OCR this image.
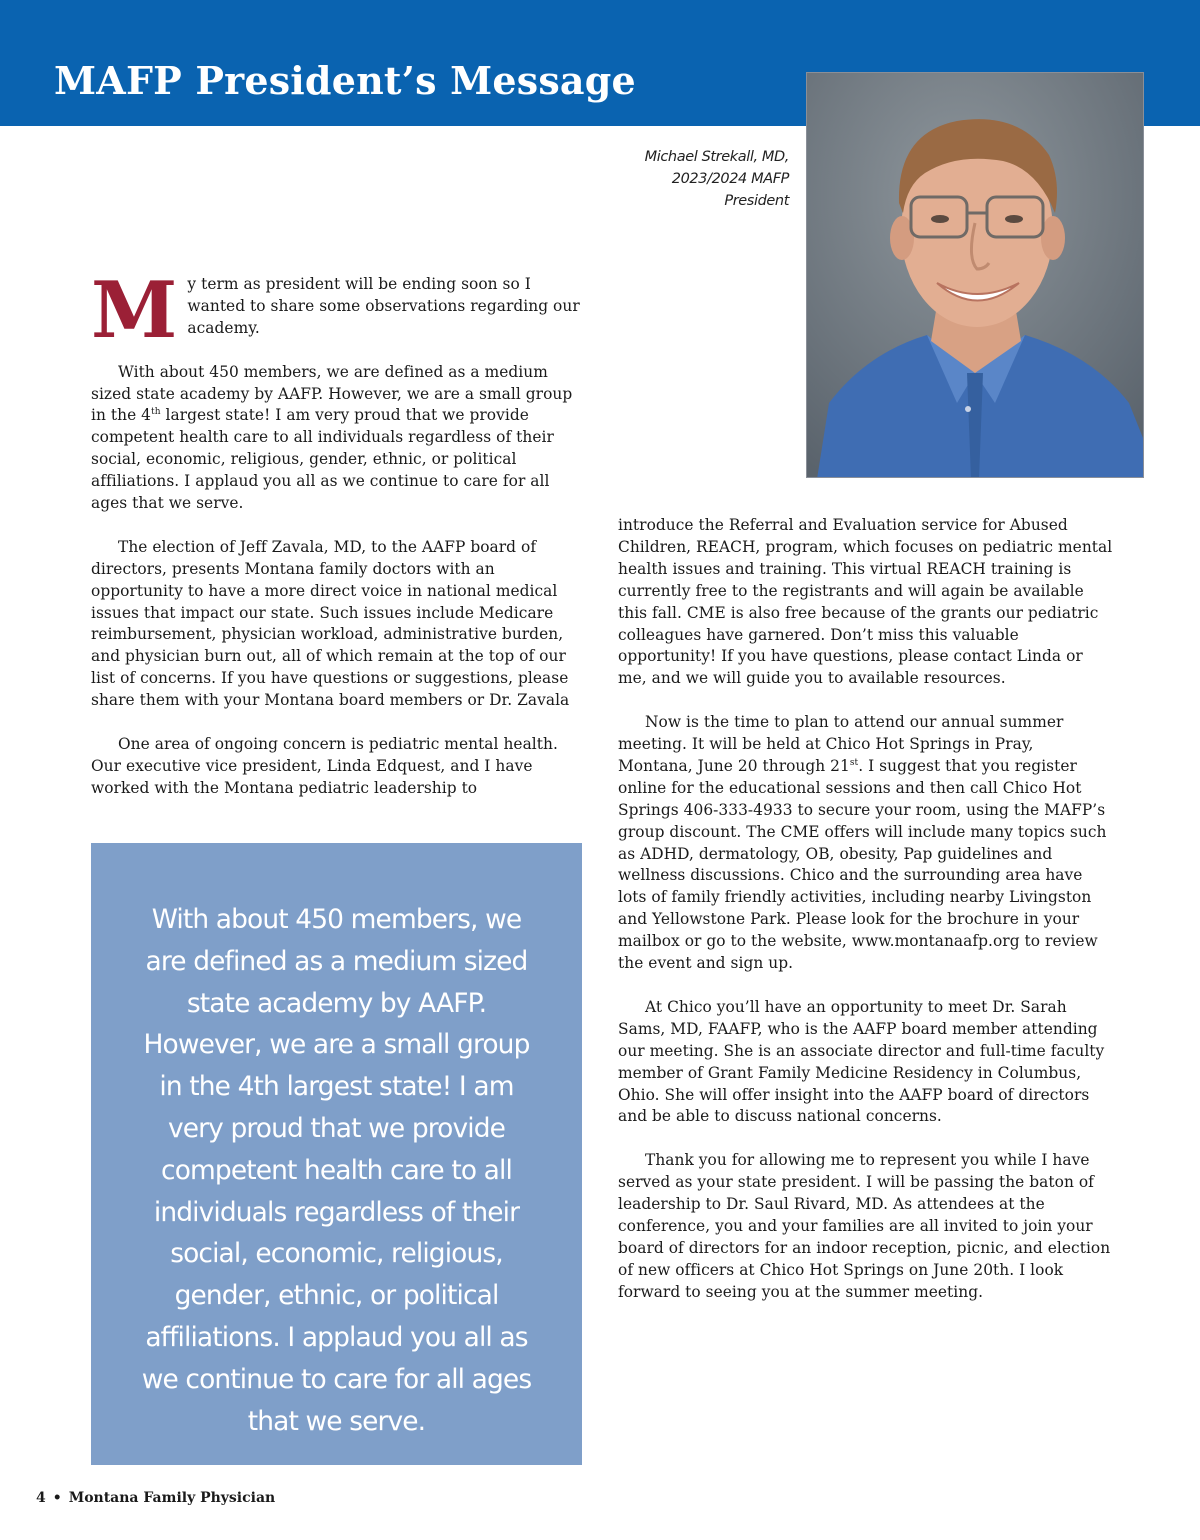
MAFP President’s Message
Michael Strekall, MD,
2023/2024 MAFP
President

My term as president will be ending soon so I wanted to share some observations regarding our academy.

With about 450 members, we are defined as a medium sized state academy by AAFP. However, we are a small group in the 4th largest state! I am very proud that we provide competent health care to all individuals regardless of their social, economic, religious, gender, ethnic, or political affiliations. I applaud you all as we continue to care for all ages that we serve.

The election of Jeff Zavala, MD, to the AAFP board of directors, presents Montana family doctors with an opportunity to have a more direct voice in national medical issues that impact our state. Such issues include Medicare reimbursement, physician workload, administrative burden, and physician burn out, all of which remain at the top of our list of concerns. If you have questions or suggestions, please share them with your Montana board members or Dr. Zavala

One area of ongoing concern is pediatric mental health. Our executive vice president, Linda Edquest, and I have worked with the Montana pediatric leadership to

With about 450 members, we are defined as a medium sized state academy by AAFP. However, we are a small group in the 4th largest state! I am very proud that we provide competent health care to all individuals regardless of their social, economic, religious, gender, ethnic, or political affiliations. I applaud you all as we continue to care for all ages that we serve.

introduce the Referral and Evaluation service for Abused Children, REACH, program, which focuses on pediatric mental health issues and training. This virtual REACH training is currently free to the registrants and will again be available this fall. CME is also free because of the grants our pediatric colleagues have garnered. Don’t miss this valuable opportunity! If you have questions, please contact Linda or me, and we will guide you to available resources.

Now is the time to plan to attend our annual summer meeting. It will be held at Chico Hot Springs in Pray, Montana, June 20 through 21st. I suggest that you register online for the educational sessions and then call Chico Hot Springs 406-333-4933 to secure your room, using the MAFP’s group discount. The CME offers will include many topics such as ADHD, dermatology, OB, obesity, Pap guidelines and wellness discussions. Chico and the surrounding area have lots of family friendly activities, including nearby Livingston and Yellowstone Park. Please look for the brochure in your mailbox or go to the website, www.montanaafp.org to review the event and sign up.

At Chico you’ll have an opportunity to meet Dr. Sarah Sams, MD, FAAFP, who is the AAFP board member attending our meeting. She is an associate director and full-time faculty member of Grant Family Medicine Residency in Columbus, Ohio. She will offer insight into the AAFP board of directors and be able to discuss national concerns.

Thank you for allowing me to represent you while I have served as your state president. I will be passing the baton of leadership to Dr. Saul Rivard, MD. As attendees at the conference, you and your families are all invited to join your board of directors for an indoor reception, picnic, and election of new officers at Chico Hot Springs on June 20th. I look forward to seeing you at the summer meeting.

4 • Montana Family Physician
